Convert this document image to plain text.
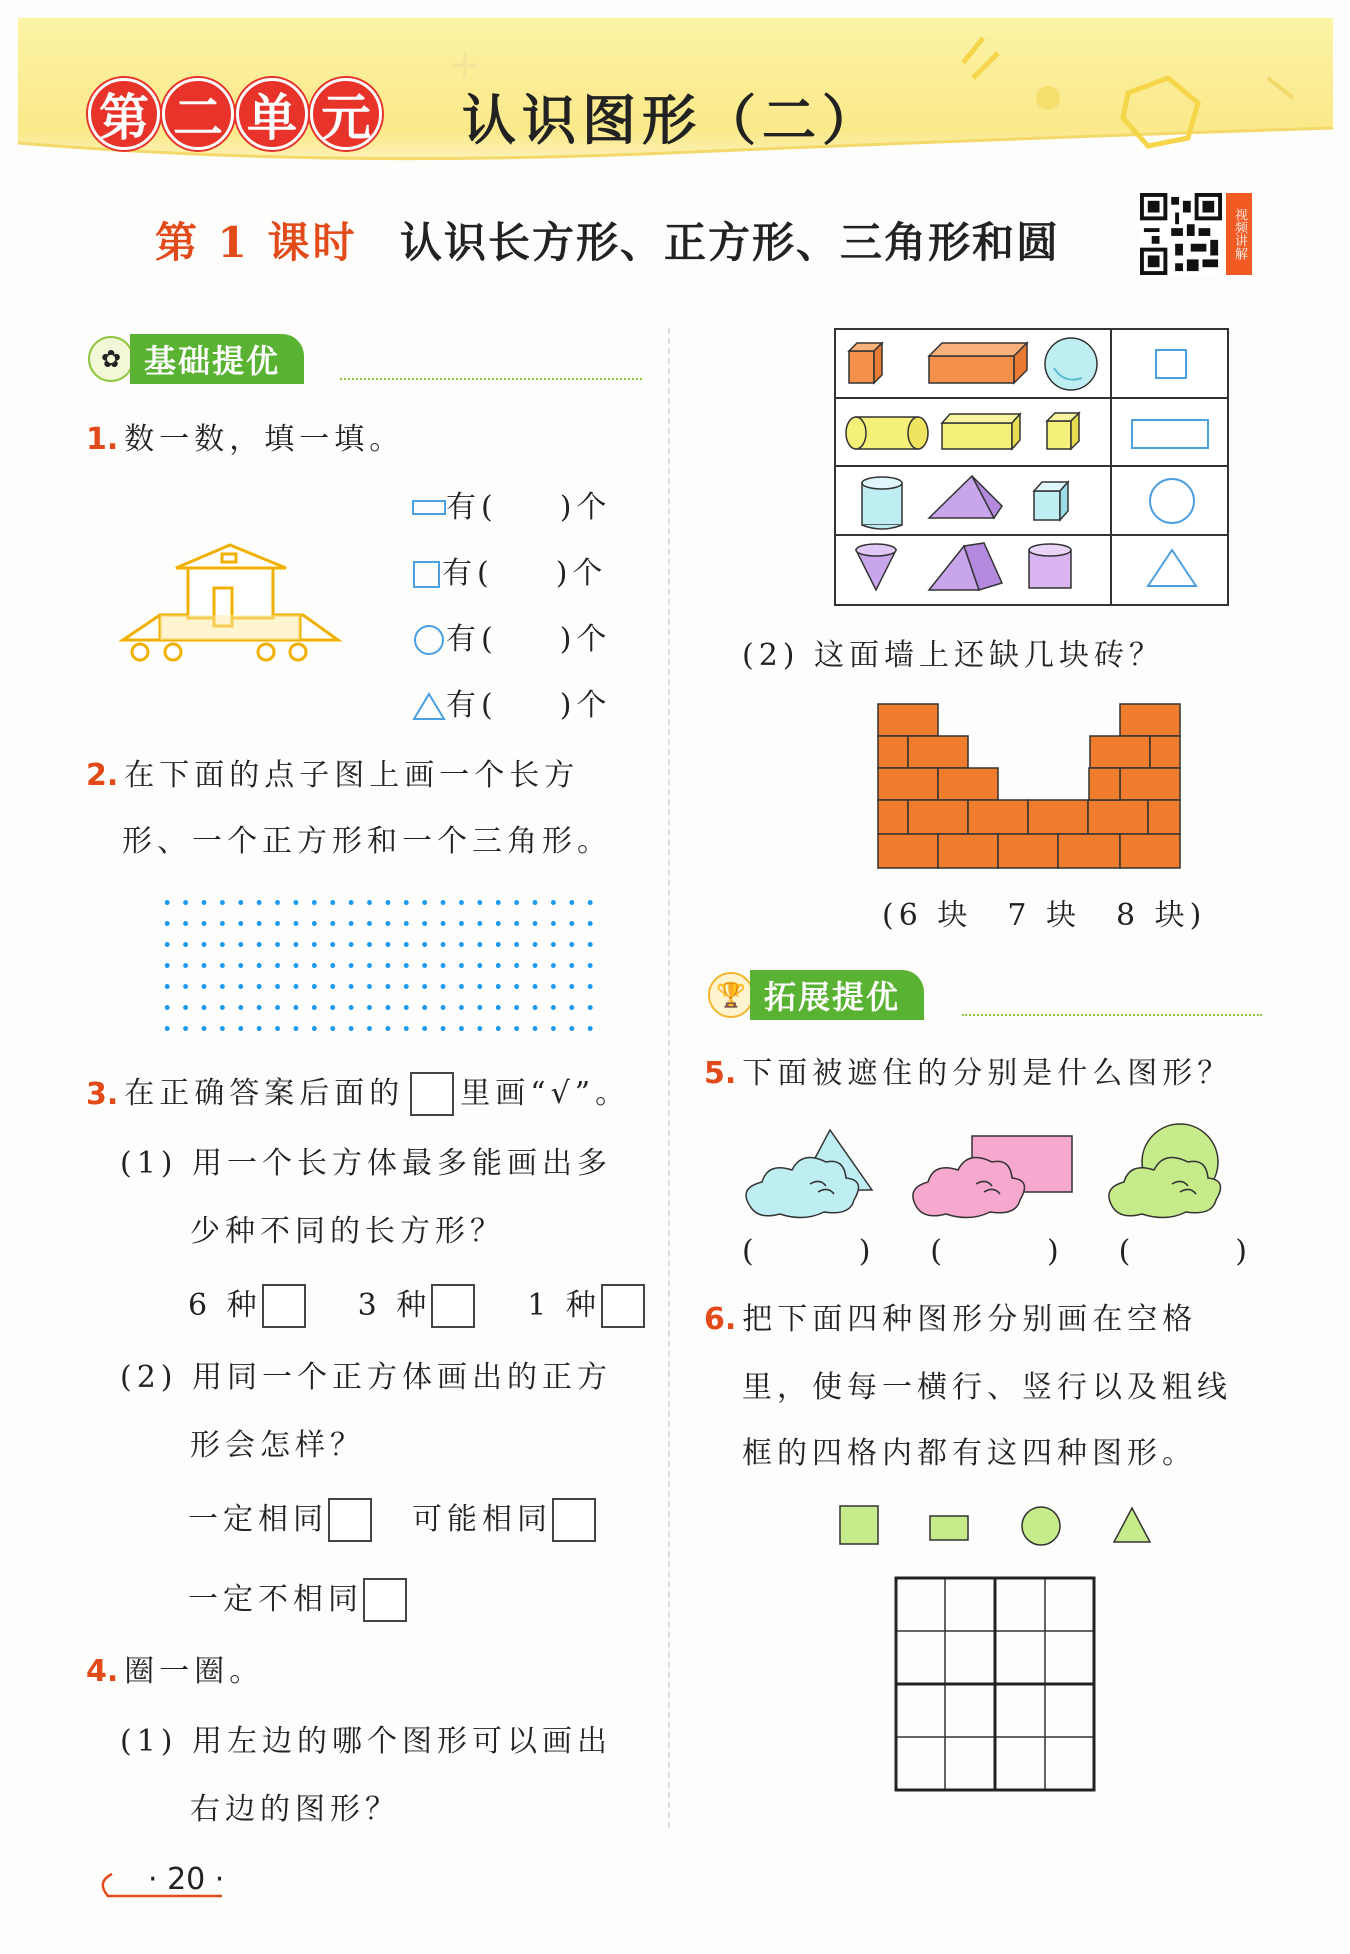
+
第 二 单 元 认识图形（二）
第 1 课时 认识长方形、正方形、三角形和圆	视频讲解
✿ 基础提优
1. 数一数，填一填。
有( )个
有( )个
有( )个
有( )个
2. 在下面的点子图上画一个长方
形、一个正方形和一个三角形。
3. 在正确答案后面的 里画“√”。
(1) 用一个长方体最多能画出多
少种不同的长方形？
6 种	3 种	1 种
(2) 用同一个正方体画出的正方
形会怎样？
一定相同	可能相同
一定不相同
4. 圈一圈。
(1) 用左边的哪个图形可以画出
右边的图形？
· 20 ·
(2) 这面墙上还缺几块砖？
(6 块　7 块　8 块)
🏆 拓展提优
5. 下面被遮住的分别是什么图形？
(	) (	) (	)
6. 把下面四种图形分别画在空格
里，使每一横行、竖行以及粗线
框的四格内都有这四种图形。
